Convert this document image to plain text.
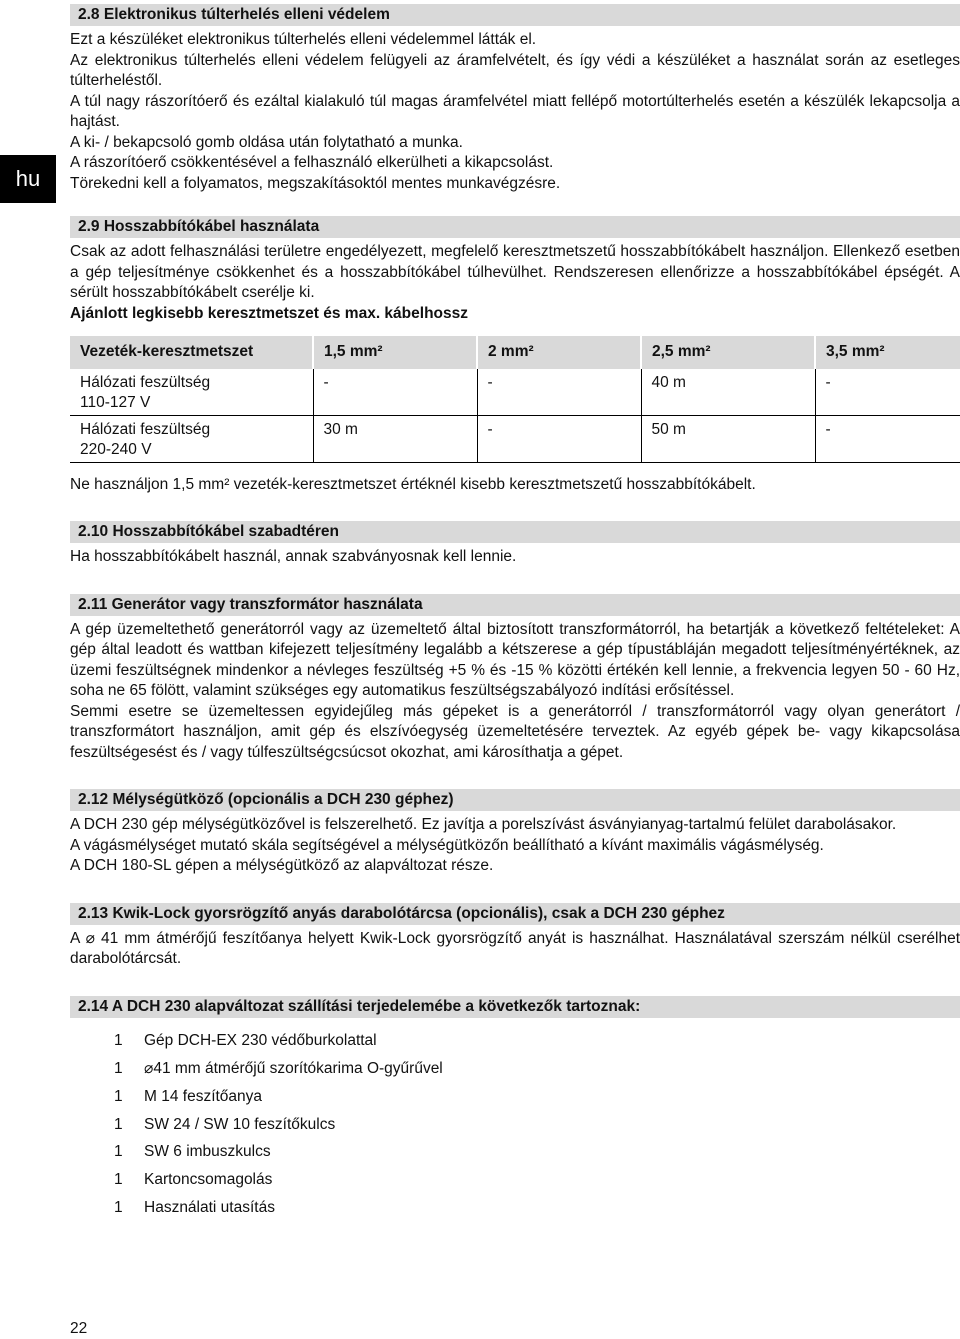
hu
2.8 Elektronikus túlterhelés elleni védelem

Ezt a készüléket elektronikus túlterhelés elleni védelemmel látták el.

Az elektronikus túlterhelés elleni védelem felügyeli az áramfelvételt, és így védi a készüléket a használat során az esetleges túlterheléstől.

A túl nagy rászorítóerő és ezáltal kialakuló túl magas áramfelvétel miatt fellépő motortúlterhelés esetén a készülék lekapcsolja a hajtást.

A ki- / bekapcsoló gomb oldása után folytatható a munka.

A rászorítóerő csökkentésével a felhasználó elkerülheti a kikapcsolást.

Törekedni kell a folyamatos, megszakításoktól mentes munkavégzésre.

2.9 Hosszabbítókábel használata

Csak az adott felhasználási területre engedélyezett, megfelelő keresztmetszetű hosszabbítókábelt használjon. Ellenkező esetben a gép teljesítménye csökkenhet és a hosszabbítókábel túlhevülhet. Rendszeresen ellenőrizze a hosszabbítókábel épségét. A sérült hosszabbítókábelt cserélje ki.

Ajánlott legkisebb keresztmetszet és max. kábelhossz

Vezeték-keresztmetszet	1,5 mm²	2 mm²	2,5 mm²	3,5 mm²

Hálózati feszültség
110-127 V	-	-	40 m	-

Hálózati feszültség
220-240 V	30 m	-	50 m	-

Ne használjon 1,5 mm² vezeték-keresztmetszet értéknél kisebb keresztmetszetű hosszabbítókábelt.

2.10 Hosszabbítókábel szabadtéren

Ha hosszabbítókábelt használ, annak szabványosnak kell lennie.

2.11 Generátor vagy transzformátor használata

A gép üzemeltethető generátorról vagy az üzemeltető által biztosított transzformátorról, ha betartják a következő feltételeket: A gép által leadott és wattban kifejezett teljesítmény legalább a kétszerese a gép típustábláján megadott teljesítményértéknek, az üzemi feszültségnek mindenkor a névleges feszültség +5 % és -15 % közötti értékén kell lennie, a frekvencia legyen 50 - 60 Hz, soha ne 65 fölött, valamint szükséges egy automatikus feszültségszabályozó indítási erősítéssel.

Semmi esetre se üzemeltessen egyidejűleg más gépeket is a generátorról / transzformátorról vagy olyan generátort / transzformátort használjon, amit gép és elszívóegység üzemeltetésére terveztek. Az egyéb gépek be- vagy kikapcsolása feszültségesést és / vagy túlfeszültségcsúcsot okozhat, ami károsíthatja a gépet.

2.12 Mélységütköző (opcionális a DCH 230 géphez)

A DCH 230 gép mélységütközővel is felszerelhető. Ez javítja a porelszívást ásványianyag-tartalmú felület darabolásakor.

A vágásmélységet mutató skála segítségével a mélységütközőn beállítható a kívánt maximális vágásmélység.

A DCH 180-SL gépen a mélységütköző az alapváltozat része.

2.13 Kwik-Lock gyorsrögzítő anyás darabolótárcsa (opcionális), csak a DCH 230 géphez

A ⌀ 41 mm átmérőjű feszítőanya helyett Kwik-Lock gyorsrögzítő anyát is használhat. Használatával szerszám nélkül cserélhet darabolótárcsát.

2.14 A DCH 230 alapváltozat szállítási terjedelemébe a következők tartoznak:
1	Gép DCH-EX 230 védőburkolattal
1	⌀41 mm átmérőjű szorítókarima O-gyűrűvel
1	M 14 feszítőanya
1	SW 24 / SW 10 feszítőkulcs
1	SW 6 imbuszkulcs
1	Kartoncsomagolás
1	Használati utasítás
22
